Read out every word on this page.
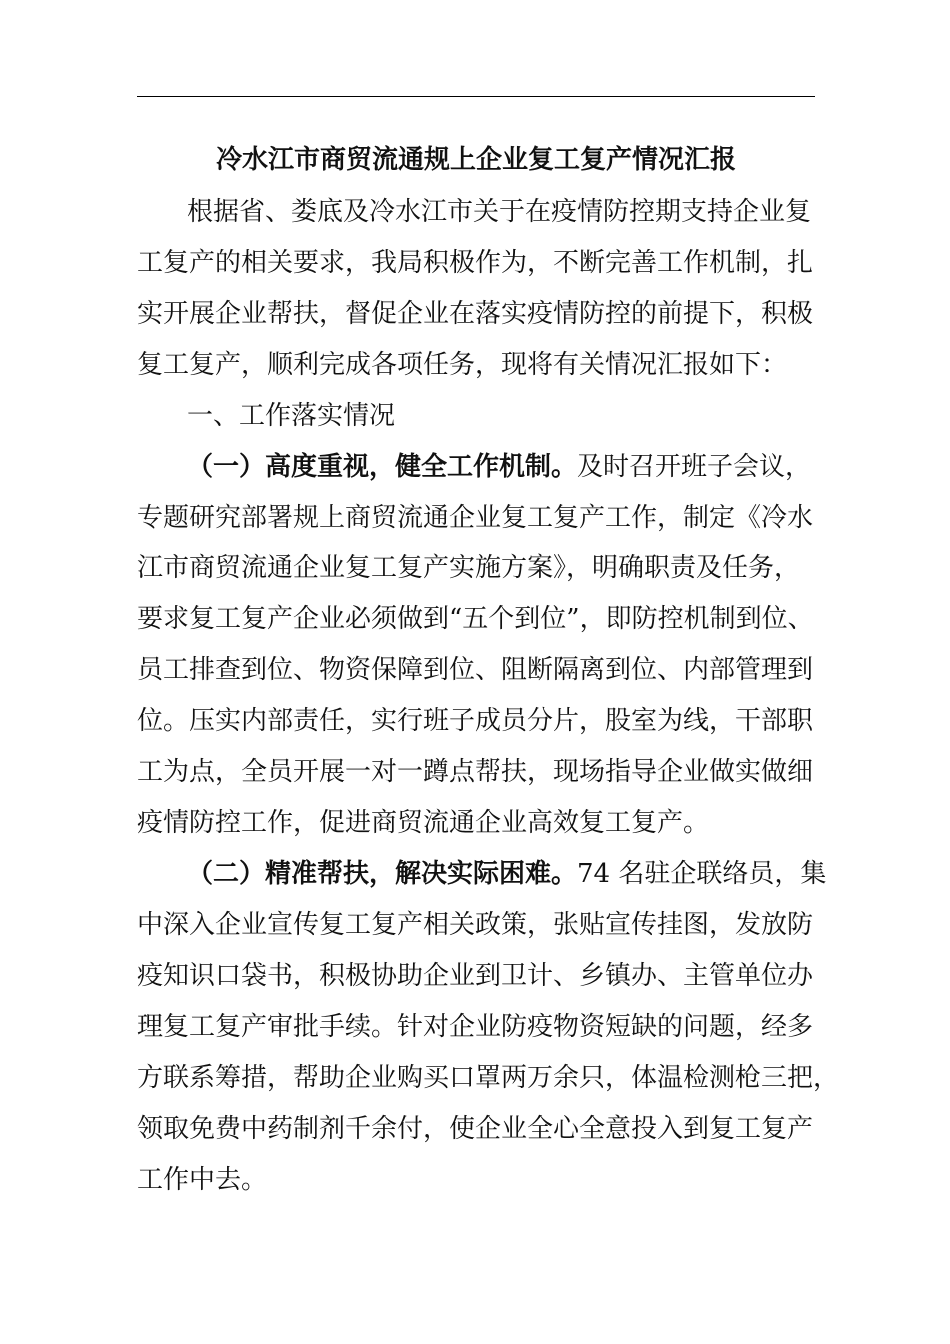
冷水江市商贸流通规上企业复工复产情况汇报
根据省、娄底及冷水江市关于在疫情防控期支持企业复
工复产的相关要求，我局积极作为，不断完善工作机制，扎
实开展企业帮扶，督促企业在落实疫情防控的前提下，积极
复工复产，顺利完成各项任务，现将有关情况汇报如下：
一、工作落实情况
（一）高度重视，健全工作机制。及时召开班子会议，
专题研究部署规上商贸流通企业复工复产工作，制定《冷水
江市商贸流通企业复工复产实施方案》，明确职责及任务，
要求复工复产企业必须做到“五个到位”，即防控机制到位、
员工排查到位、物资保障到位、阻断隔离到位、内部管理到
位。压实内部责任，实行班子成员分片，股室为线，干部职
工为点，全员开展一对一蹲点帮扶，现场指导企业做实做细
疫情防控工作，促进商贸流通企业高效复工复产。
（二）精准帮扶，解决实际困难。74 名驻企联络员，集
中深入企业宣传复工复产相关政策，张贴宣传挂图，发放防
疫知识口袋书，积极协助企业到卫计、乡镇办、主管单位办
理复工复产审批手续。针对企业防疫物资短缺的问题，经多
方联系筹措，帮助企业购买口罩两万余只，体温检测枪三把，
领取免费中药制剂千余付，使企业全心全意投入到复工复产
工作中去。
